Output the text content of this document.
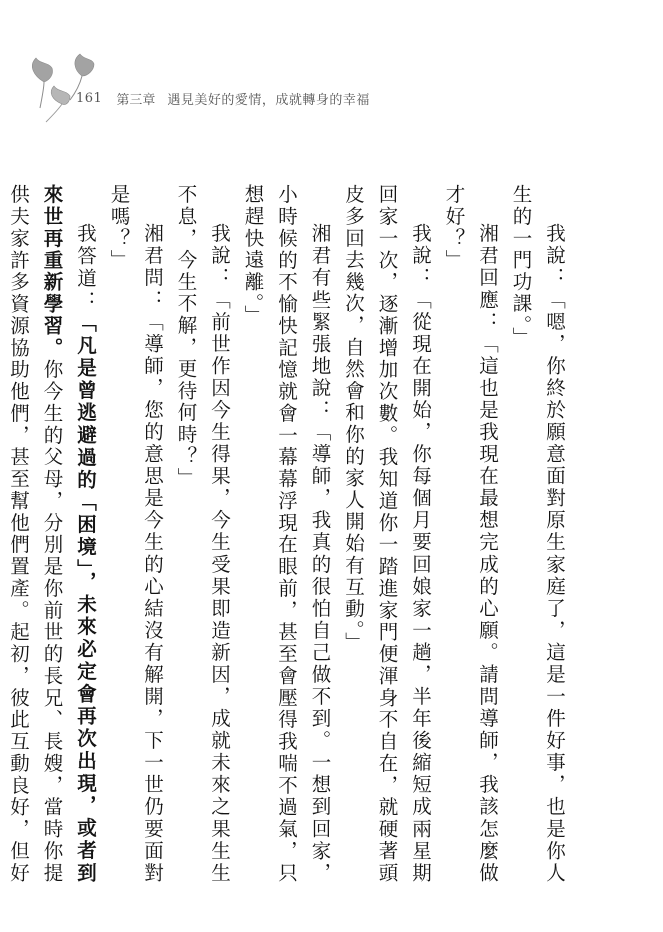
161 第三章 遇見美好的愛情，成就轉身的幸福

我說：「嗯，你終於願意面對原生家庭了，這是一件好事，也是你人生的一門功課。」

湘君回應：「這也是我現在最想完成的心願。請問導師，我該怎麼做才好？」

我說：「從現在開始，你每個月要回娘家一趟，半年後縮短成兩星期回家一次，逐漸增加次數。我知道你一踏進家門便渾身不自在，就硬著頭皮多回去幾次，自然會和你的家人開始有互動。」

湘君有些緊張地說：「導師，我真的很怕自己做不到。一想到回家，小時候的不愉快記憶就會一幕幕浮現在眼前，甚至會壓得我喘不過氣，只想趕快遠離。」

我說：「前世作因今生得果，今生受果即造新因，成就未來之果生生不息，今生不解，更待何時？」

湘君問：「導師，您的意思是今生的心結沒有解開，下一世仍要面對是嗎？」

我答道：「凡是曾逃避過的「困境」，未來必定會再次出現，或者到來世再重新學習。你今生的父母，分別是你前世的長兄、長嫂，當時你提供夫家許多資源協助他們，甚至幫他們置產。起初，彼此互動良好，但好
